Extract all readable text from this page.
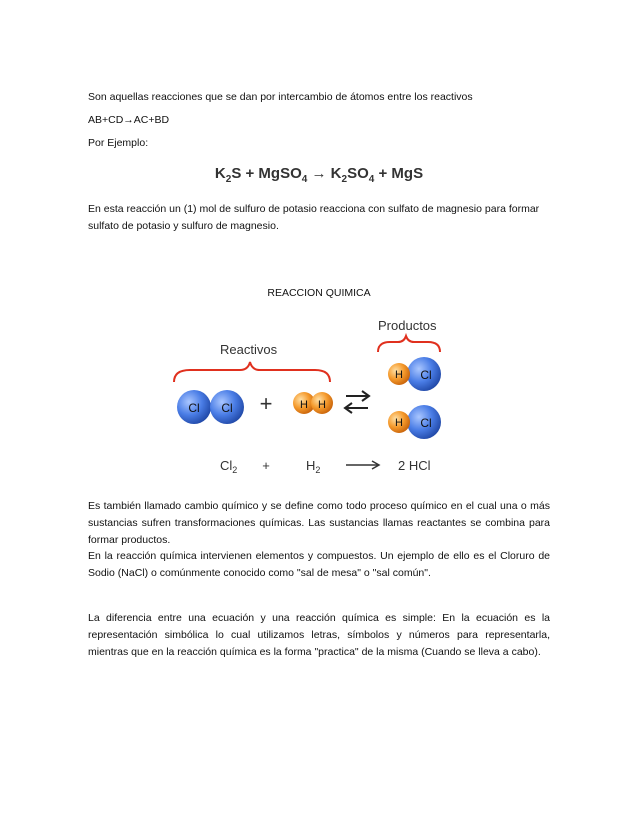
Son aquellas reacciones que se dan por intercambio de átomos entre los reactivos

AB+CD→AC+BD

Por Ejemplo:

$K_2S$ + MgSO$_4$ → $K_2SO_4$ + MgS

En esta reacción un (1) mol de sulfuro de potasio reacciona con sulfato de magnesio para formar sulfato de potasio y sulfuro de magnesio.

REACCION QUIMICA
Reactivos
Productos
Cl Cl +	H H
H Cl
H Cl
$Cl_2$ +	$H_2$	2 HCl

Es también llamado cambio químico y se define como todo proceso químico en el cual una o más sustancias sufren transformaciones químicas. Las sustancias llamas reactantes se combina para formar productos.

En la reacción química intervienen elementos y compuestos. Un ejemplo de ello es el Cloruro de Sodio (NaCl) o comúnmente conocido como "sal de mesa" o "sal común".

La diferencia entre una ecuación y una reacción química es simple: En la ecuación es la representación simbólica lo cual utilizamos letras, símbolos y números para representarla, mientras que en la reacción química es la forma "practica" de la misma (Cuando se lleva a cabo).
